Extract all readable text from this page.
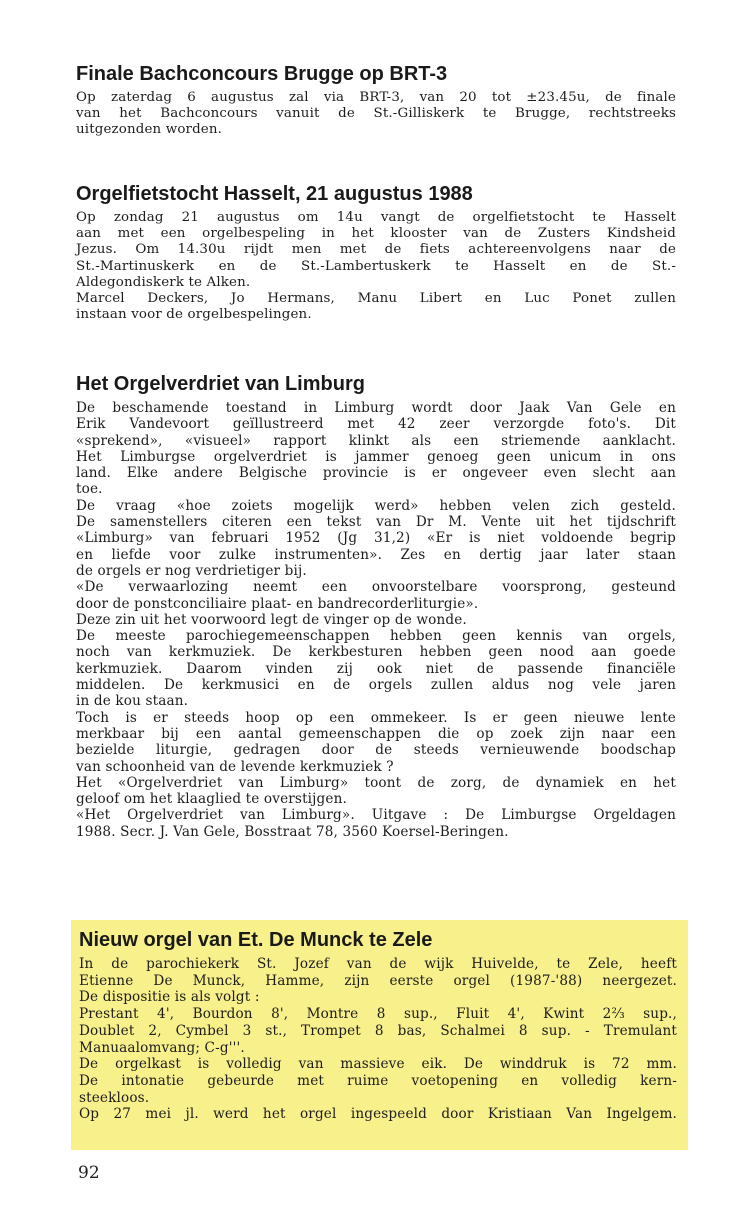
Finale Bachconcours Brugge op BRT-3
Op zaterdag 6 augustus zal via BRT-3, van 20 tot ±23.45u, de finale
van het Bachconcours vanuit de St.-Gilliskerk te Brugge, rechtstreeks
uitgezonden worden.
Orgelfietstocht Hasselt, 21 augustus 1988
Op zondag 21 augustus om 14u vangt de orgelfietstocht te Hasselt
aan met een orgelbespeling in het klooster van de Zusters Kindsheid
Jezus. Om 14.30u rijdt men met de fiets achtereenvolgens naar de
St.-Martinuskerk en de St.-Lambertuskerk te Hasselt en de St.-
Aldegondiskerk te Alken.
Marcel Deckers, Jo Hermans, Manu Libert en Luc Ponet zullen
instaan voor de orgelbespelingen.
Het Orgelverdriet van Limburg
De beschamende toestand in Limburg wordt door Jaak Van Gele en
Erik Vandevoort geïllustreerd met 42 zeer verzorgde foto's. Dit
«sprekend», «visueel» rapport klinkt als een striemende aanklacht.
Het Limburgse orgelverdriet is jammer genoeg geen unicum in ons
land. Elke andere Belgische provincie is er ongeveer even slecht aan
toe.
De vraag «hoe zoiets mogelijk werd» hebben velen zich gesteld.
De samenstellers citeren een tekst van Dr M. Vente uit het tijdschrift
«Limburg» van februari 1952 (Jg 31,2) «Er is niet voldoende begrip
en liefde voor zulke instrumenten». Zes en dertig jaar later staan
de orgels er nog verdrietiger bij.
«De verwaarlozing neemt een onvoorstelbare voorsprong, gesteund
door de ponstconciliaire plaat- en bandrecorderliturgie».
Deze zin uit het voorwoord legt de vinger op de wonde.
De meeste parochiegemeenschappen hebben geen kennis van orgels,
noch van kerkmuziek. De kerkbesturen hebben geen nood aan goede
kerkmuziek. Daarom vinden zij ook niet de passende financiële
middelen. De kerkmusici en de orgels zullen aldus nog vele jaren
in de kou staan.
Toch is er steeds hoop op een ommekeer. Is er geen nieuwe lente
merkbaar bij een aantal gemeenschappen die op zoek zijn naar een
bezielde liturgie, gedragen door de steeds vernieuwende boodschap
van schoonheid van de levende kerkmuziek ?
Het «Orgelverdriet van Limburg» toont de zorg, de dynamiek en het
geloof om het klaaglied te overstijgen.
«Het Orgelverdriet van Limburg». Uitgave : De Limburgse Orgeldagen
1988. Secr. J. Van Gele, Bosstraat 78, 3560 Koersel-Beringen.
Nieuw orgel van Et. De Munck te Zele
In de parochiekerk St. Jozef van de wijk Huivelde, te Zele, heeft
Etienne De Munck, Hamme, zijn eerste orgel (1987-'88) neergezet.
De dispositie is als volgt :
Prestant 4', Bourdon 8', Montre 8 sup., Fluit 4', Kwint 2⅔ sup.,
Doublet 2, Cymbel 3 st., Trompet 8 bas, Schalmei 8 sup. - Tremulant
Manuaalomvang; C-g'''.
De orgelkast is volledig van massieve eik. De winddruk is 72 mm.
De intonatie gebeurde met ruime voetopening en volledig kern-
steekloos.
Op 27 mei jl. werd het orgel ingespeeld door Kristiaan Van Ingelgem.
92
